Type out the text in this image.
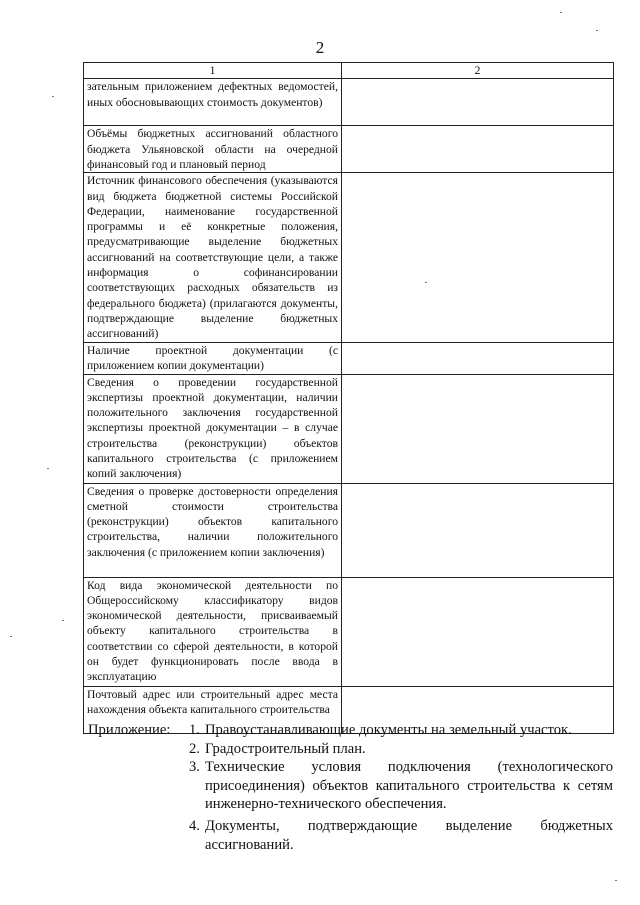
2
1	2

зательным приложением дефектных ведомостей, иных обосновывающих стоимость документов)	

Объёмы бюджетных ассигнований областного бюджета Ульяновской области на очередной финансовый год и плановый период	

Источник финансового обеспечения (указываются вид бюджета бюджетной системы Российской Федерации, наименование государственной программы и её конкретные положения, предусматривающие выделение бюджетных ассигнований на соответствующие цели, а также информация о софинансировании соответствующих расходных обязательств из федерального бюджета) (прилагаются документы, подтверждающие выделение бюджетных ассигнований)	

Наличие проектной документации (с приложением копии документации)	

Сведения о проведении государственной экспертизы проектной документации, наличии положительного заключения государственной экспертизы проектной документации – в случае строительства (реконструкции) объектов капитального строительства (с приложением копий заключения)	

Сведения о проверке достоверности определения сметной стоимости строительства (реконструкции) объектов капитального строительства, наличии положительного заключения (с приложением копии заключения)	

Код вида экономической деятельности по Общероссийскому классификатору видов экономической деятельности, присваиваемый объекту капитального строительства в соответствии со сферой деятельности, в которой он будет функционировать после ввода в эксплуатацию	

Почтовый адрес или строительный адрес места нахождения объекта капитального строительства	

Приложение: 1. Правоустанавливающие документы на земельный участок.
2. Градостроительный план.
3. Технические условия подключения (технологического присоединения) объектов капитального строительства к сетям инженерно-технического обеспечения.
4. Документы, подтверждающие выделение бюджетных ассигнований.
